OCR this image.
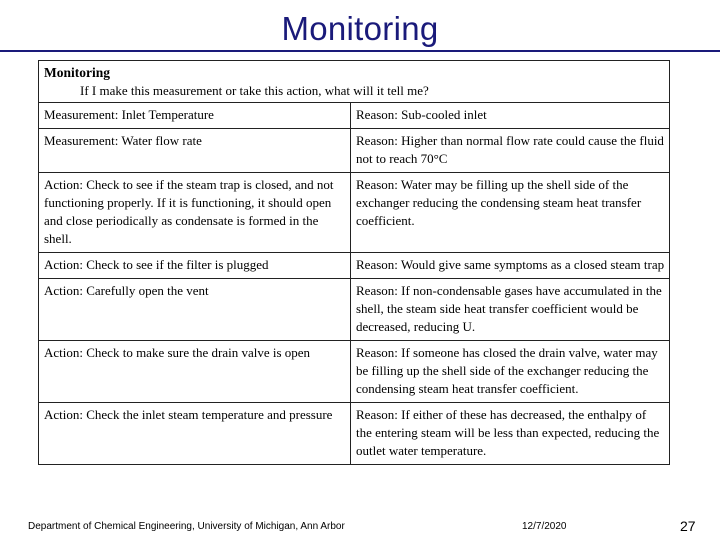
Monitoring
Monitoring
If I make this measurement or take this action, what will it tell me?	

Measurement: Inlet Temperature	Reason: Sub-cooled inlet
Measurement: Water flow rate	Reason: Higher than normal flow rate could cause the fluid not to reach 70°C
Action: Check to see if the steam trap is closed, and not functioning properly. If it is functioning, it should open and close periodically as condensate is formed in the shell.	Reason: Water may be filling up the shell side of the exchanger reducing the condensing steam heat transfer coefficient.
Action: Check to see if the filter is plugged	Reason: Would give same symptoms as a closed steam trap
Action: Carefully open the vent	Reason: If non-condensable gases have accumulated in the shell, the steam side heat transfer coefficient would be decreased, reducing U.
Action: Check to make sure the drain valve is open	Reason: If someone has closed the drain valve, water may be filling up the shell side of the exchanger reducing the condensing steam heat transfer coefficient.
Action: Check the inlet steam temperature and pressure	Reason: If either of these has decreased, the enthalpy of the entering steam will be less than expected, reducing the outlet water temperature.
Department of Chemical Engineering, University of Michigan, Ann Arbor	12/7/2020	27
